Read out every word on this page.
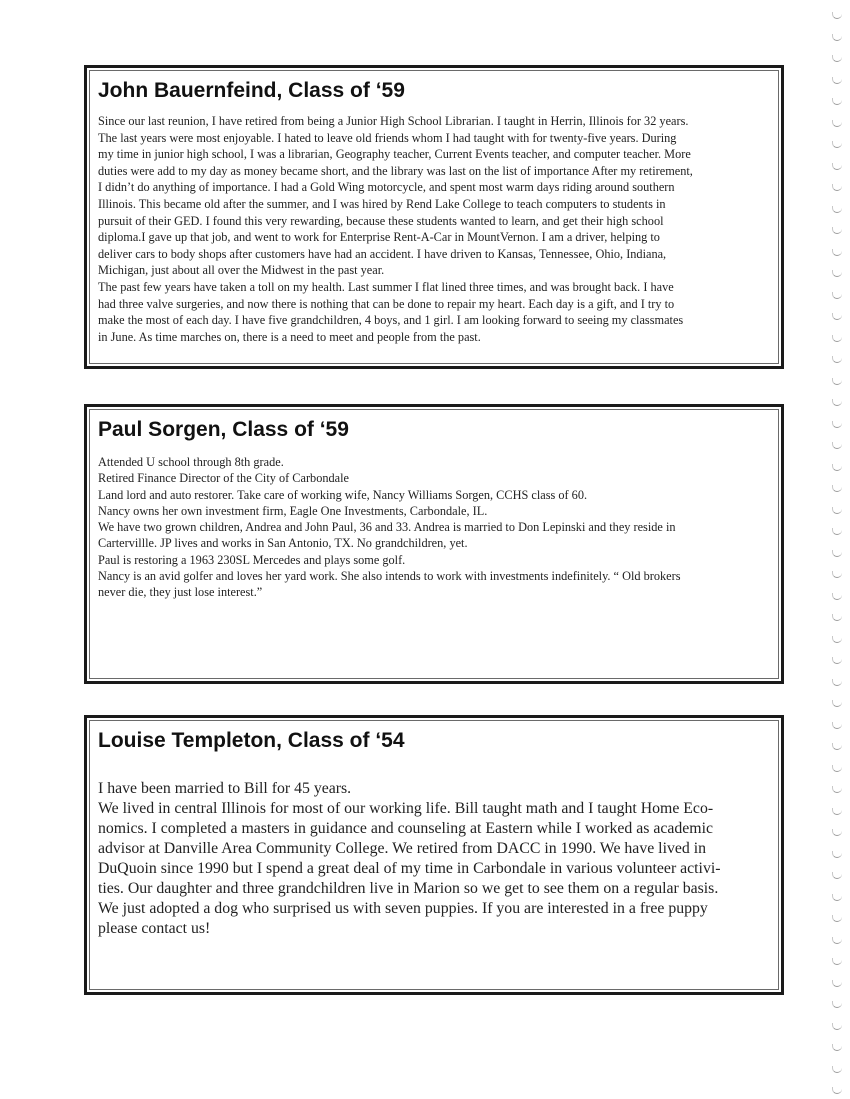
John Bauernfeind, Class of ‘59
Since our last reunion, I have retired from being a Junior High School Librarian. I taught in Herrin, Illinois for 32 years.
The last years were most enjoyable. I hated to leave old friends whom I had taught with for twenty-five years. During
my time in junior high school, I was a librarian, Geography teacher, Current Events teacher, and computer teacher. More
duties were add to my day as money became short, and the library was last on the list of importance After my retirement,
I didn’t do anything of importance. I had a Gold Wing motorcycle, and spent most warm days riding around southern
Illinois. This became old after the summer, and I was hired by Rend Lake College to teach computers to students in
pursuit of their GED. I found this very rewarding, because these students wanted to learn, and get their high school
diploma.I gave up that job, and went to work for Enterprise Rent-A-Car in MountVernon. I am a driver, helping to
deliver cars to body shops after customers have had an accident. I have driven to Kansas, Tennessee, Ohio, Indiana,
Michigan, just about all over the Midwest in the past year.
The past few years have taken a toll on my health. Last summer I flat lined three times, and was brought back. I have
had three valve surgeries, and now there is nothing that can be done to repair my heart. Each day is a gift, and I try to
make the most of each day. I have five grandchildren, 4 boys, and 1 girl. I am looking forward to seeing my classmates
in June. As time marches on, there is a need to meet and people from the past.
Paul Sorgen, Class of ‘59
Attended U school through 8th grade.
Retired Finance Director of the City of Carbondale
Land lord and auto restorer. Take care of working wife, Nancy Williams Sorgen, CCHS class of 60.
Nancy owns her own investment firm, Eagle One Investments, Carbondale, IL.
We have two grown children, Andrea and John Paul, 36 and 33. Andrea is married to Don Lepinski and they reside in
Cartervillle. JP lives and works in San Antonio, TX. No grandchildren, yet.
Paul is restoring a 1963 230SL Mercedes and plays some golf.
Nancy is an avid golfer and loves her yard work. She also intends to work with investments indefinitely. “ Old brokers
never die, they just lose interest.”
Louise Templeton, Class of ‘54
I have been married to Bill for 45 years.
We lived in central Illinois for most of our working life. Bill taught math and I taught Home Eco-
nomics. I completed a masters in guidance and counseling at Eastern while I worked as academic
advisor at Danville Area Community College. We retired from DACC in 1990. We have lived in
DuQuoin since 1990 but I spend a great deal of my time in Carbondale in various volunteer activi-
ties. Our daughter and three grandchildren live in Marion so we get to see them on a regular basis.
We just adopted a dog who surprised us with seven puppies. If you are interested in a free puppy
please contact us!
